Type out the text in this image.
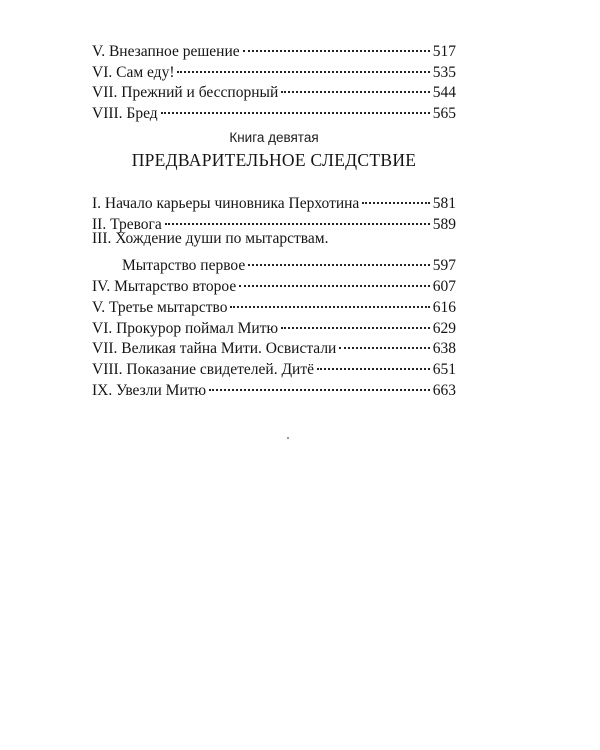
V. Внезапное решение	517
VI. Сам еду!	535
VII. Прежний и бесспорный	544
VIII. Бред	565
Книга девятая
ПРЕДВАРИТЕЛЬНОЕ СЛЕДСТВИЕ
I. Начало карьеры чиновника Перхотина	581
II. Тревога	589
III. Хождение души по мытарствам.
Мытарство первое	597
IV. Мытарство второе	607
V. Третье мытарство	616
VI. Прокурор поймал Митю	629
VII. Великая тайна Мити. Освистали	638
VIII. Показание свидетелей. Дитё	651
IX. Увезли Митю	663
